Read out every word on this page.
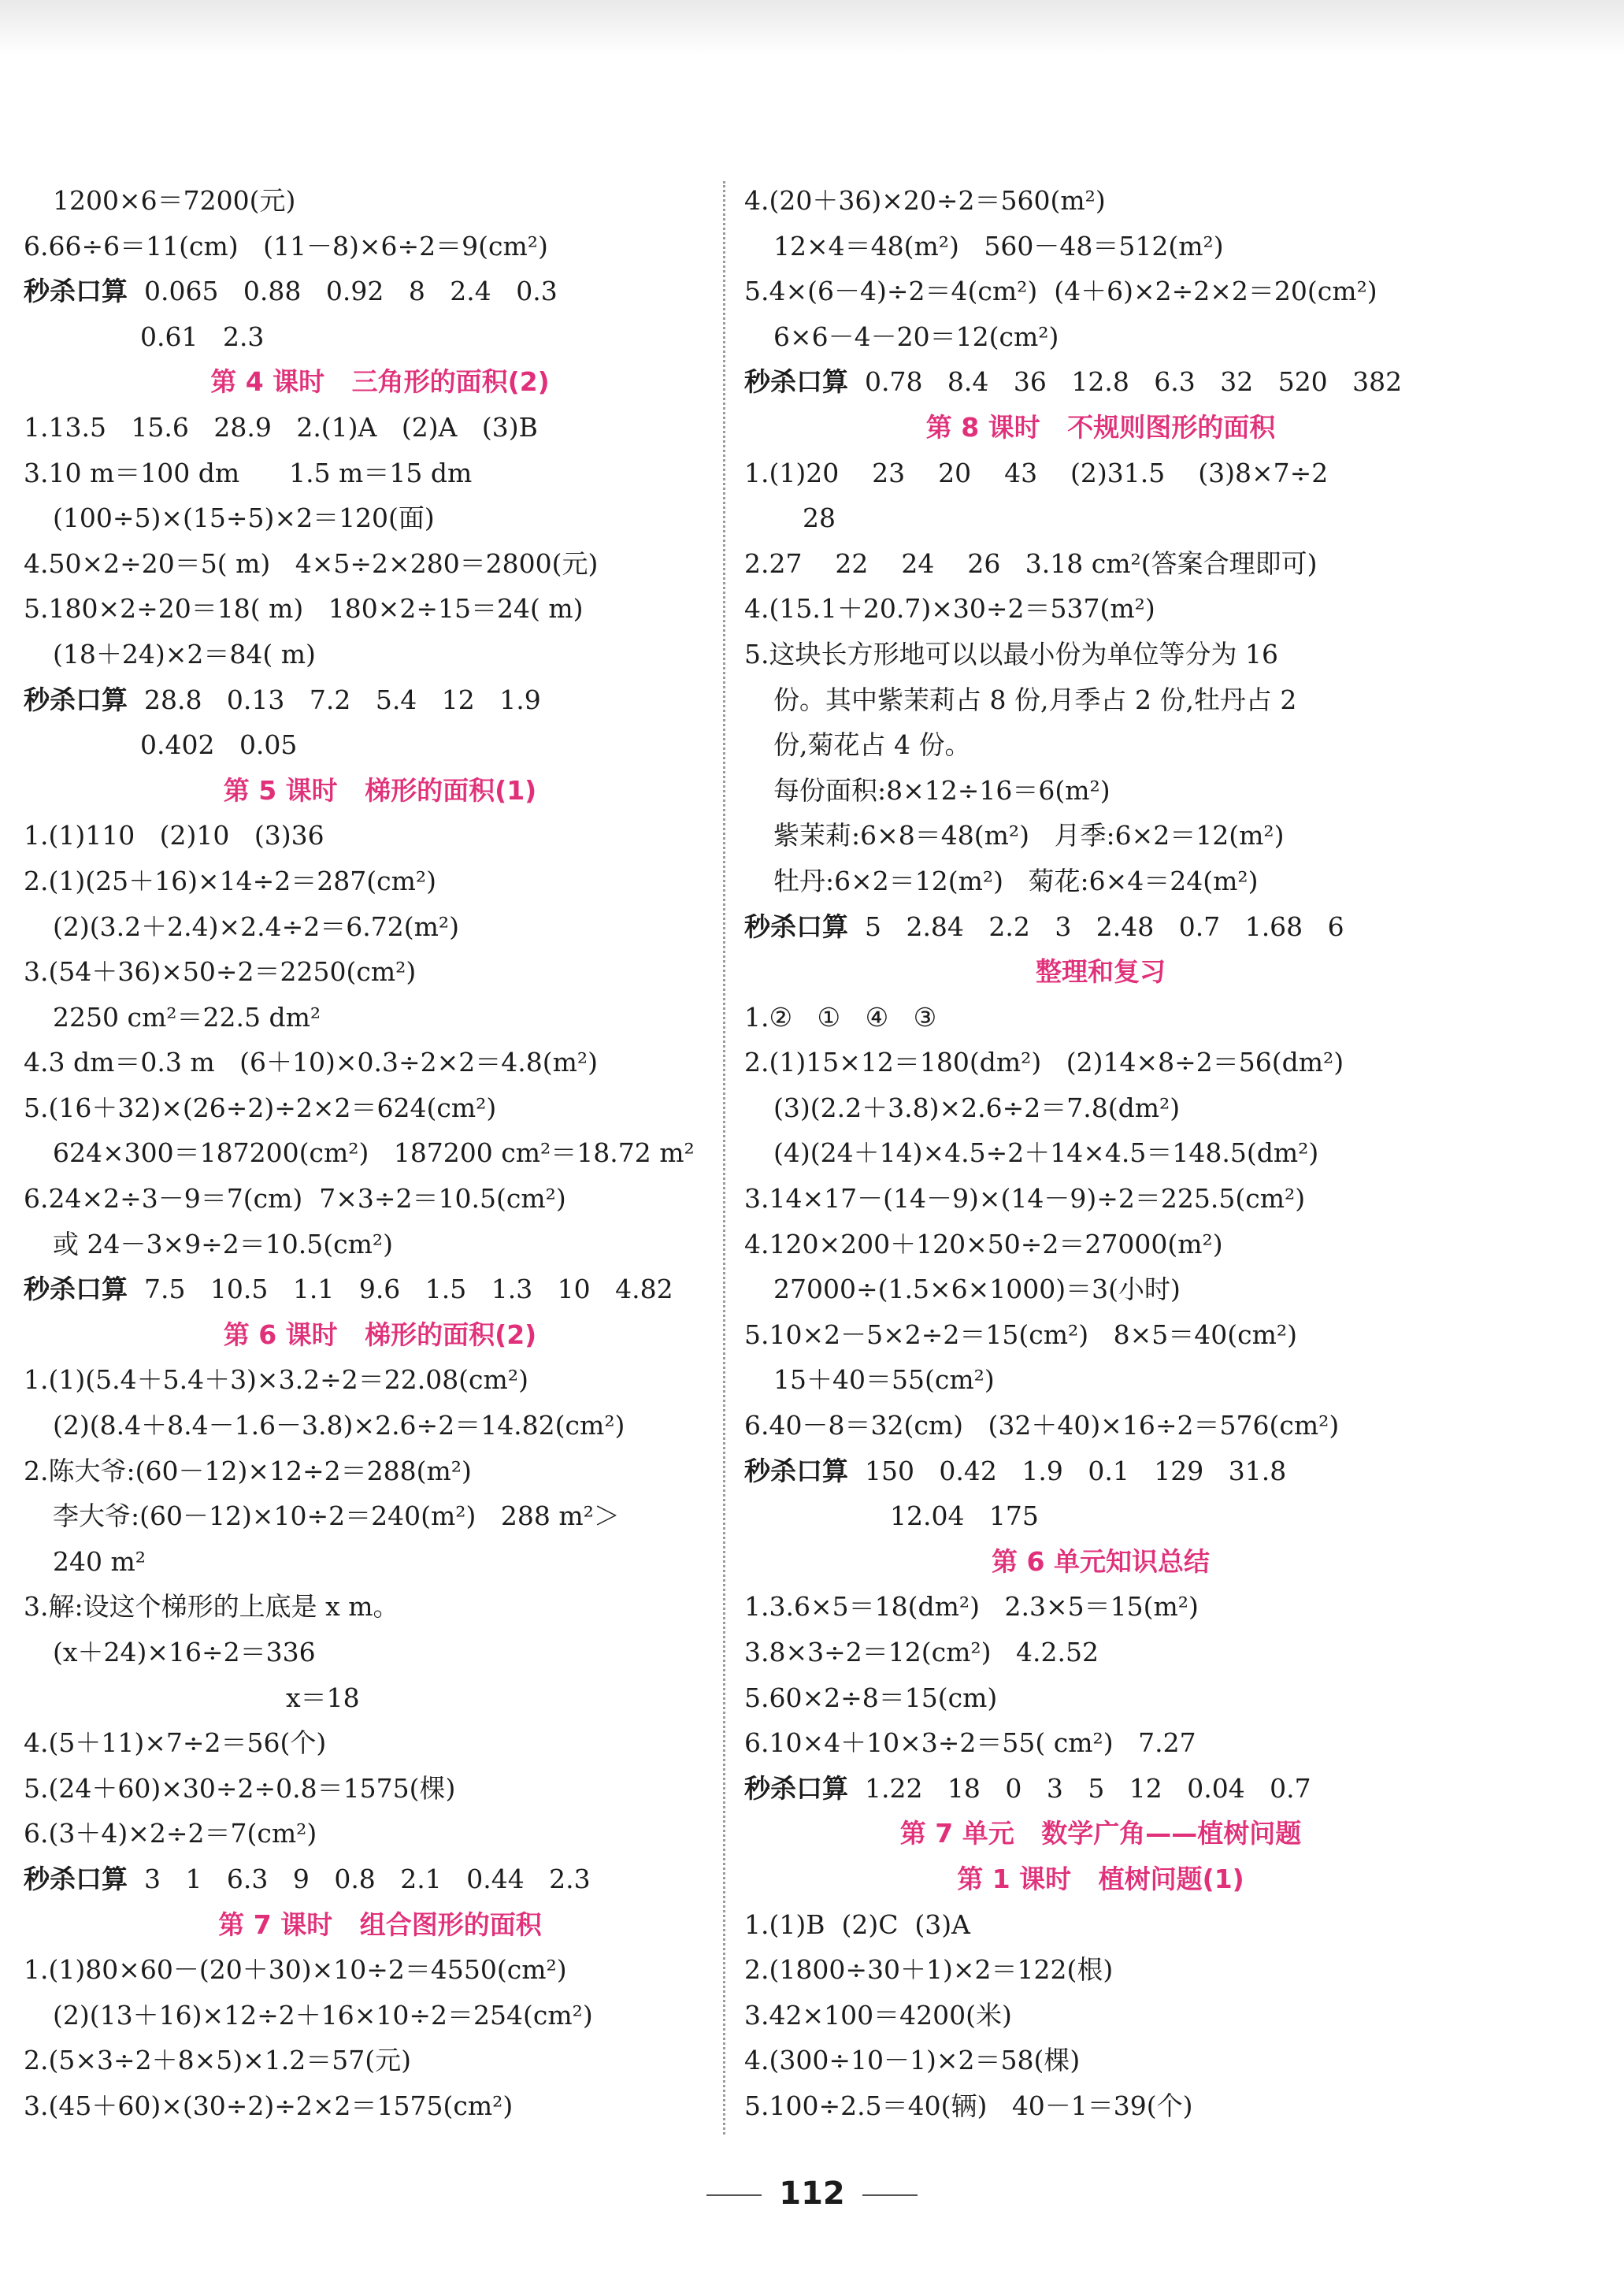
1200×6＝7200(元)
6.66÷6＝11(cm)   (11－8)×6÷2＝9(cm²)
秒杀口算  0.065   0.88   0.92   8   2.4   0.3
0.61   2.3
第 4 课时   三角形的面积(2)
1.13.5   15.6   28.9   2.(1)A   (2)A   (3)B
3.10 m＝100 dm      1.5 m＝15 dm
(100÷5)×(15÷5)×2＝120(面)
4.50×2÷20＝5( m)   4×5÷2×280＝2800(元)
5.180×2÷20＝18( m)   180×2÷15＝24( m)
(18＋24)×2＝84( m)
秒杀口算  28.8   0.13   7.2   5.4   12   1.9
0.402   0.05
第 5 课时   梯形的面积(1)
1.(1)110   (2)10   (3)36
2.(1)(25＋16)×14÷2＝287(cm²)
(2)(3.2＋2.4)×2.4÷2＝6.72(m²)
3.(54＋36)×50÷2＝2250(cm²)
2250 cm²＝22.5 dm²
4.3 dm＝0.3 m   (6＋10)×0.3÷2×2＝4.8(m²)
5.(16＋32)×(26÷2)÷2×2＝624(cm²)
624×300＝187200(cm²)   187200 cm²＝18.72 m²
6.24×2÷3－9＝7(cm)  7×3÷2＝10.5(cm²)
或 24－3×9÷2＝10.5(cm²)
秒杀口算  7.5   10.5   1.1   9.6   1.5   1.3   10   4.82
第 6 课时   梯形的面积(2)
1.(1)(5.4＋5.4＋3)×3.2÷2＝22.08(cm²)
(2)(8.4＋8.4－1.6－3.8)×2.6÷2＝14.82(cm²)
2.陈大爷:(60－12)×12÷2＝288(m²)
李大爷:(60－12)×10÷2＝240(m²)   288 m²＞
240 m²
3.解:设这个梯形的上底是 x m。
(x＋24)×16÷2＝336
x＝18
4.(5＋11)×7÷2＝56(个)
5.(24＋60)×30÷2÷0.8＝1575(棵)
6.(3＋4)×2÷2＝7(cm²)
秒杀口算  3   1   6.3   9   0.8   2.1   0.44   2.3
第 7 课时   组合图形的面积
1.(1)80×60－(20＋30)×10÷2＝4550(cm²)
(2)(13＋16)×12÷2＋16×10÷2＝254(cm²)
2.(5×3÷2＋8×5)×1.2＝57(元)
3.(45＋60)×(30÷2)÷2×2＝1575(cm²)
4.(20＋36)×20÷2＝560(m²)
12×4＝48(m²)   560－48＝512(m²)
5.4×(6－4)÷2＝4(cm²)  (4＋6)×2÷2×2＝20(cm²)
6×6－4－20＝12(cm²)
秒杀口算  0.78   8.4   36   12.8   6.3   32   520   382
第 8 课时   不规则图形的面积
1.(1)20    23    20    43    (2)31.5    (3)8×7÷2
28
2.27    22    24    26   3.18 cm²(答案合理即可)
4.(15.1＋20.7)×30÷2＝537(m²)
5.这块长方形地可以以最小份为单位等分为 16
份。其中紫茉莉占 8 份,月季占 2 份,牡丹占 2
份,菊花占 4 份。
每份面积:8×12÷16＝6(m²)
紫茉莉:6×8＝48(m²)   月季:6×2＝12(m²)
牡丹:6×2＝12(m²)   菊花:6×4＝24(m²)
秒杀口算  5   2.84   2.2   3   2.48   0.7   1.68   6
整理和复习
1.②   ①   ④   ③
2.(1)15×12＝180(dm²)   (2)14×8÷2＝56(dm²)
(3)(2.2＋3.8)×2.6÷2＝7.8(dm²)
(4)(24＋14)×4.5÷2＋14×4.5＝148.5(dm²)
3.14×17－(14－9)×(14－9)÷2＝225.5(cm²)
4.120×200＋120×50÷2＝27000(m²)
27000÷(1.5×6×1000)＝3(小时)
5.10×2－5×2÷2＝15(cm²)   8×5＝40(cm²)
15＋40＝55(cm²)
6.40－8＝32(cm)   (32＋40)×16÷2＝576(cm²)
秒杀口算  150   0.42   1.9   0.1   129   31.8
12.04   175
第 6 单元知识总结
1.3.6×5＝18(dm²)   2.3×5＝15(m²)
3.8×3÷2＝12(cm²)   4.2.52
5.60×2÷8＝15(cm)
6.10×4＋10×3÷2＝55( cm²)   7.27
秒杀口算  1.22   18   0   3   5   12   0.04   0.7
第 7 单元   数学广角——植树问题
第 1 课时   植树问题(1)
1.(1)B  (2)C  (3)A
2.(1800÷30＋1)×2＝122(根)
3.42×100＝4200(米)
4.(300÷10－1)×2＝58(棵)
5.100÷2.5＝40(辆)   40－1＝39(个)
112
